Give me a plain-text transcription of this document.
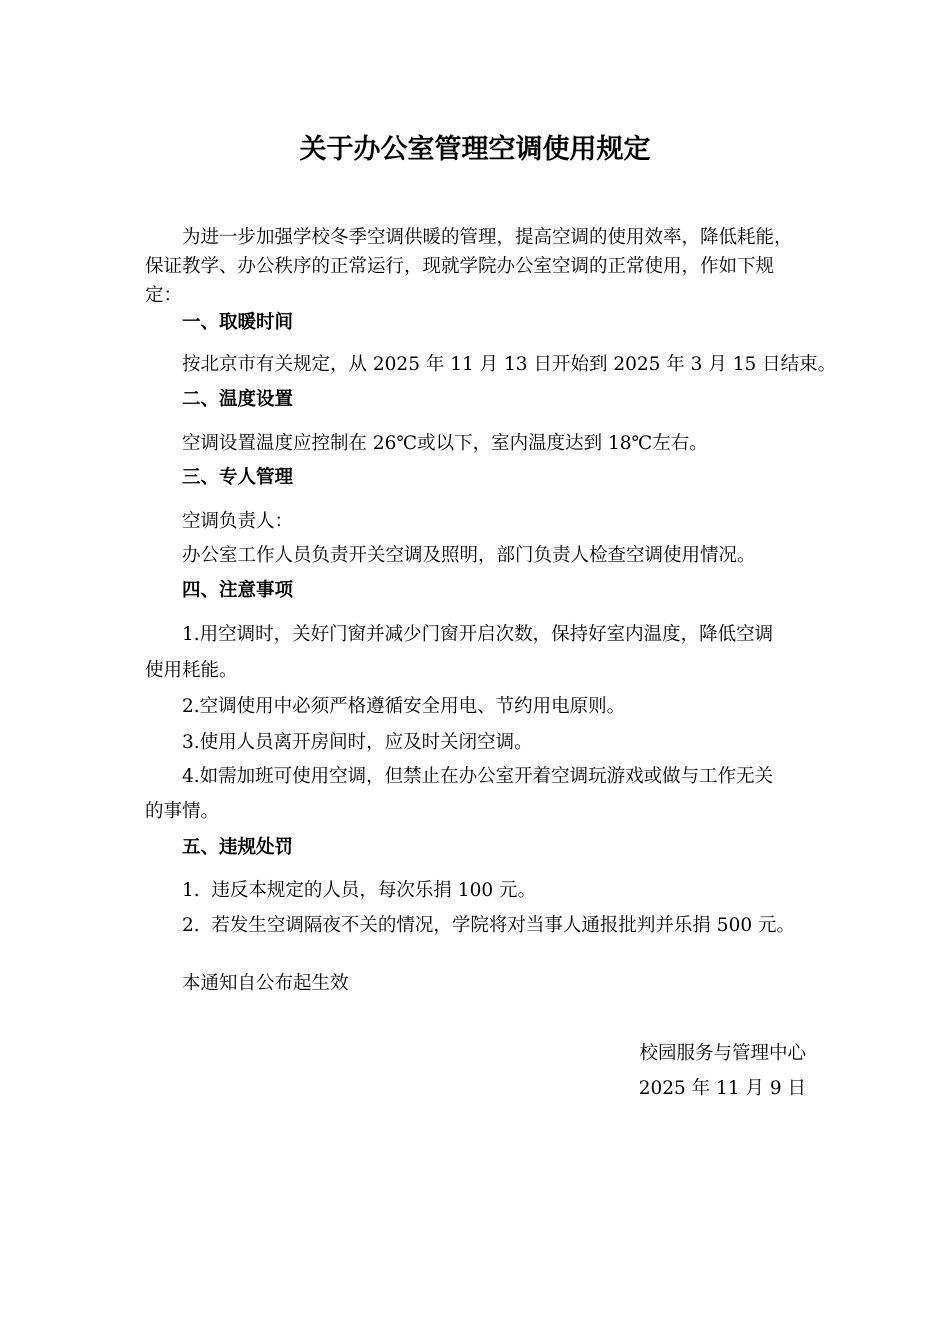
关于办公室管理空调使用规定
为进一步加强学校冬季空调供暖的管理，提高空调的使用效率，降低耗能，
保证教学、办公秩序的正常运行，现就学院办公室空调的正常使用，作如下规
定：
一、取暖时间
按北京市有关规定，从 2025 年 11 月 13 日开始到 2025 年 3 月 15 日结束。
二、温度设置
空调设置温度应控制在 26℃或以下，室内温度达到 18℃左右。
三、专人管理
空调负责人：
办公室工作人员负责开关空调及照明，部门负责人检查空调使用情况。
四、注意事项
1.用空调时，关好门窗并减少门窗开启次数，保持好室内温度，降低空调
使用耗能。
2.空调使用中必须严格遵循安全用电、节约用电原则。
3.使用人员离开房间时，应及时关闭空调。
4.如需加班可使用空调，但禁止在办公室开着空调玩游戏或做与工作无关
的事情。
五、违规处罚
1.  违反本规定的人员，每次乐捐 100 元。
2.  若发生空调隔夜不关的情况，学院将对当事人通报批判并乐捐 500 元。
本通知自公布起生效
校园服务与管理中心
2025 年 11 月 9 日
